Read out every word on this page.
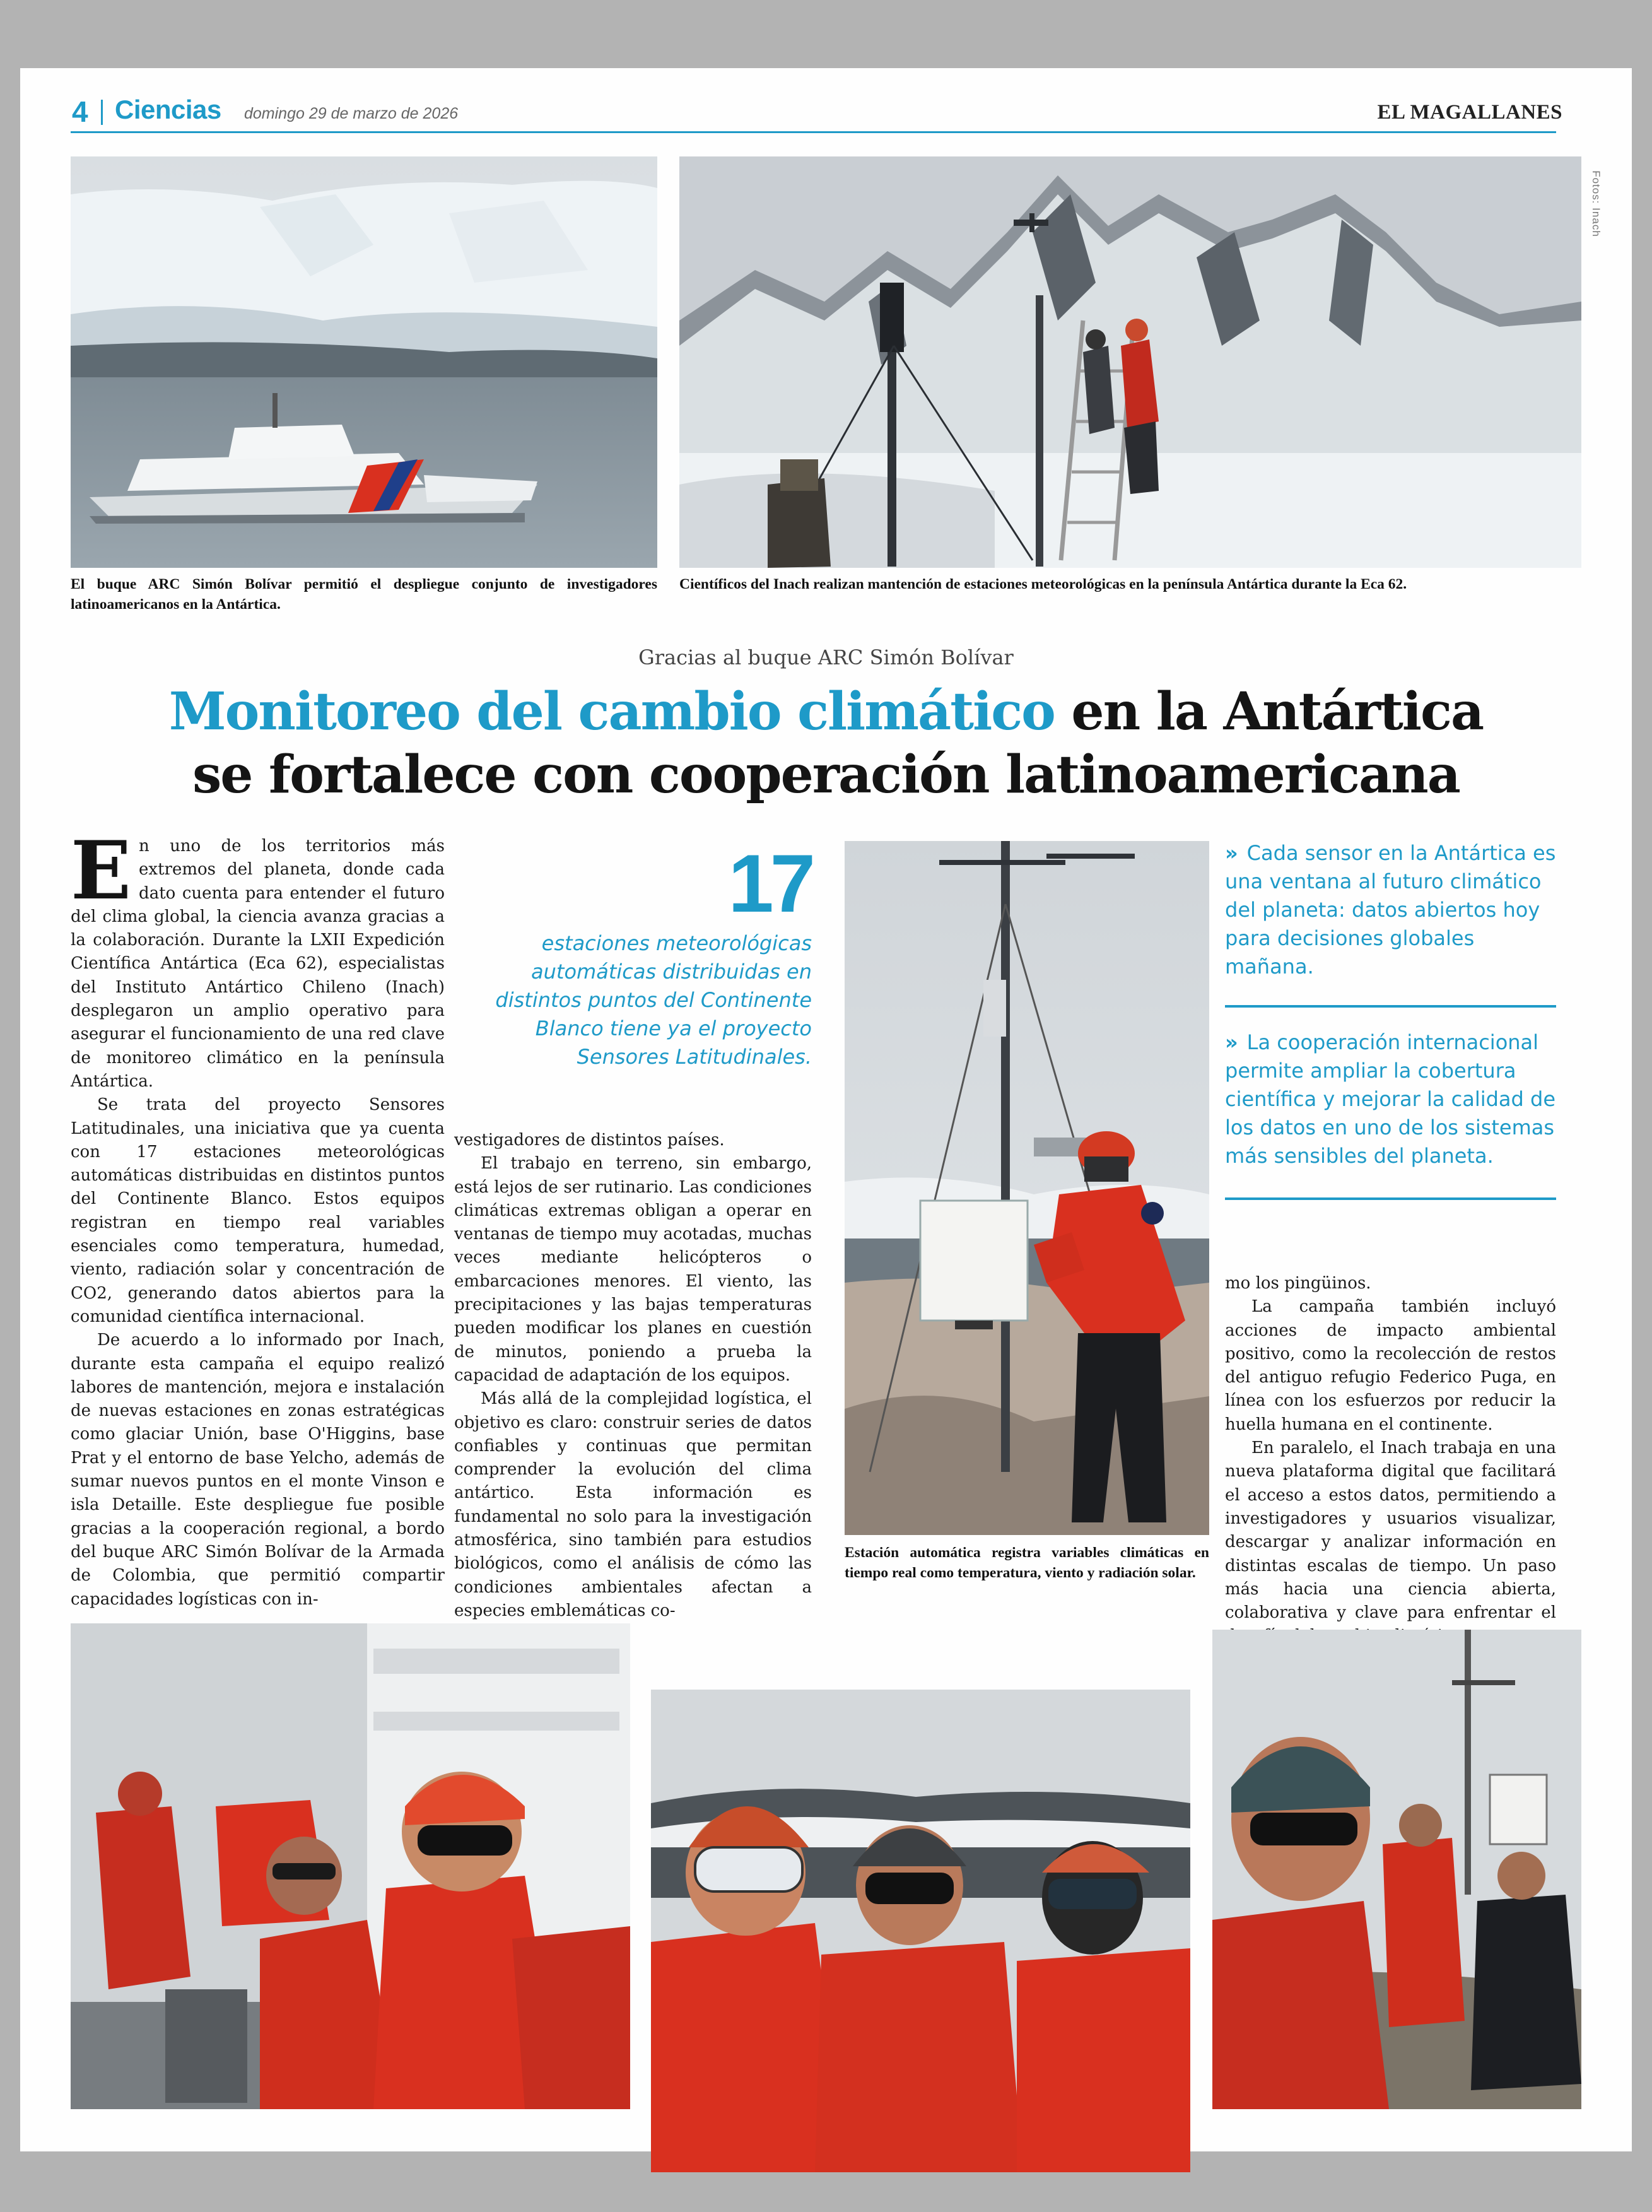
4 Ciencias domingo 29 de marzo de 2026	EL MAGALLANES
Fotos: Inach
El buque ARC Simón Bolívar permitió el despliegue conjunto de investigadores latinoamericanos en la Antártica.
Científicos del Inach realizan mantención de estaciones meteorológicas en la península Antártica durante la Eca 62.
Gracias al buque ARC Simón Bolívar
Monitoreo del cambio climático en la Antártica
se fortalece con cooperación latinoamericana

En uno de los territorios más extremos del planeta, donde cada dato cuenta para entender el futuro del clima global, la ciencia avanza gracias a la colaboración. Durante la LXII Expedición Científica Antártica (Eca 62), especialistas del Instituto Antártico Chileno (Inach) desplegaron un amplio operativo para asegurar el funcionamiento de una red clave de monitoreo climático en la península Antártica.

Se trata del proyecto Sensores Latitudinales, una iniciativa que ya cuenta con 17 estaciones meteorológicas automáticas distribuidas en distintos puntos del Continente Blanco. Estos equipos registran en tiempo real variables esenciales como temperatura, humedad, viento, radiación solar y concentración de CO2, generando datos abiertos para la comunidad científica internacional.

De acuerdo a lo informado por Inach, durante esta campaña el equipo realizó labores de mantención, mejora e instalación de nuevas estaciones en zonas estratégicas como glaciar Unión, base O'Higgins, base Prat y el entorno de base Yelcho, además de sumar nuevos puntos en el monte Vinson e isla Detaille. Este despliegue fue posible gracias a la cooperación regional, a bordo del buque ARC Simón Bolívar de la Armada de Colombia, que permitió compartir capacidades logísticas con in-

17
estaciones meteorológicas automáticas distribuidas en distintos puntos del Continente Blanco tiene ya el proyecto Sensores Latitudinales.

vestigadores de distintos países.

El trabajo en terreno, sin embargo, está lejos de ser rutinario. Las condiciones climáticas extremas obligan a operar en ventanas de tiempo muy acotadas, muchas veces mediante helicópteros o embarcaciones menores. El viento, las precipitaciones y las bajas temperaturas pueden modificar los planes en cuestión de minutos, poniendo a prueba la capacidad de adaptación de los equipos.

Más allá de la complejidad logística, el objetivo es claro: construir series de datos confiables y continuas que permitan comprender la evolución del clima antártico. Esta información es fundamental no solo para la investigación atmosférica, sino también para estudios biológicos, como el análisis de cómo las condiciones ambientales afectan a especies emblemáticas co-

Estación automática registra variables climáticas en tiempo real como temperatura, viento y radiación solar.
» Cada sensor en la Antártica es una ventana al futuro climático del planeta: datos abiertos hoy para decisiones globales mañana.
» La cooperación internacional permite ampliar la cobertura científica y mejorar la calidad de los datos en uno de los sistemas más sensibles del planeta.

mo los pingüinos.

La campaña también incluyó acciones de impacto ambiental positivo, como la recolección de restos del antiguo refugio Federico Puga, en línea con los esfuerzos por reducir la huella humana en el continente.

En paralelo, el Inach trabaja en una nueva plataforma digital que facilitará el acceso a estos datos, permitiendo a investigadores y usuarios visualizar, descargar y analizar información en distintas escalas de tiempo. Un paso más hacia una ciencia abierta, colaborativa y clave para enfrentar el
